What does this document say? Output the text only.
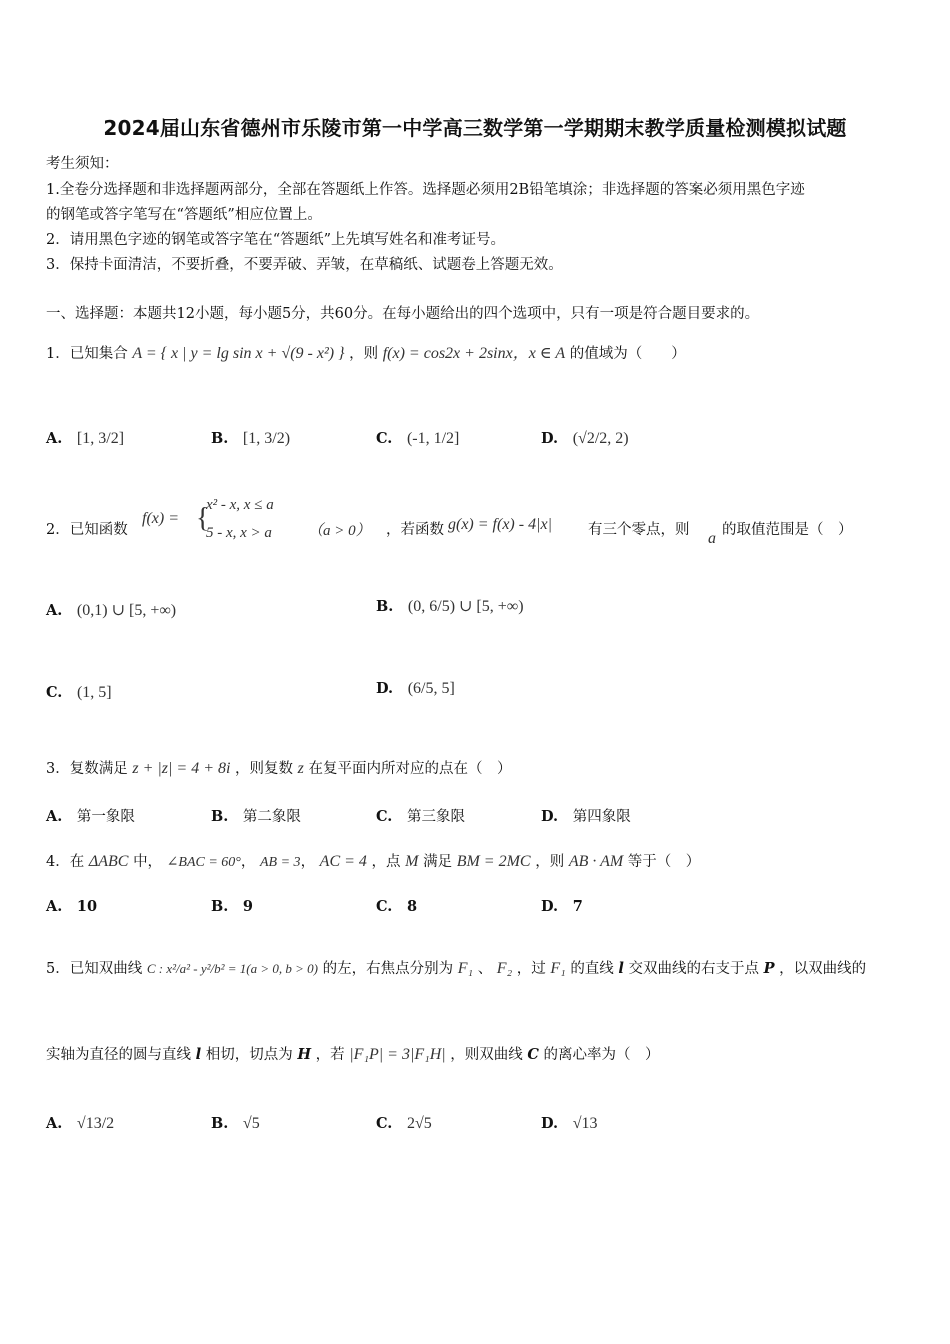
2024届山东省德州市乐陵市第一中学高三数学第一学期期末教学质量检测模拟试题
考生须知：
1.全卷分选择题和非选择题两部分，全部在答题纸上作答。选择题必须用2B铅笔填涂；非选择题的答案必须用黑色字迹
的钢笔或答字笔写在“答题纸”相应位置上。
2．请用黑色字迹的钢笔或答字笔在“答题纸”上先填写姓名和准考证号。
3．保持卡面清洁，不要折叠，不要弄破、弄皱，在草稿纸、试题卷上答题无效。
一、选择题：本题共12小题，每小题5分，共60分。在每小题给出的四个选项中，只有一项是符合题目要求的。
1．已知集合 A = { x | y = lg sin x + √(9 - x²) } ，则 f(x) = cos2x + 2sinx，x ∈ A 的值域为（　　）
A. [1, 3/2]	B. [1, 3/2)	C. (-1, 1/2]	D. (√2/2, 2)
2．已知函数
f(x) = {
x² - x, x ≤ a
5 - x, x > a （a > 0） ，若函数 g(x) = f(x) - 4|x| 有三个零点，则 a 的取值范围是（　）
A. (0,1) ∪ [5, +∞)	B. (0, 6/5) ∪ [5, +∞)
C. (1, 5]	D. (6/5, 5]
3．复数满足 z + |z| = 4 + 8i ，则复数 z 在复平面内所对应的点在（　）
A. 第一象限	B. 第二象限	C. 第三象限	D. 第四象限
4．在 ΔABC 中， ∠BAC = 60°， AB = 3， AC = 4 ，点 M 满足 BM = 2MC ，则 AB · AM 等于（　）
A. 10	B. 9	C. 8	D. 7
5．已知双曲线 C : x²/a² - y²/b² = 1(a > 0, b > 0) 的左，右焦点分别为 F₁ 、 F₂ ，过 F₁ 的直线 l 交双曲线的右支于点 P ，以双曲线的
实轴为直径的圆与直线 l 相切，切点为 H ，若 |F₁P| = 3|F₁H| ，则双曲线 C 的离心率为（　）
A. √13/2	B. √5	C. 2√5	D. √13
